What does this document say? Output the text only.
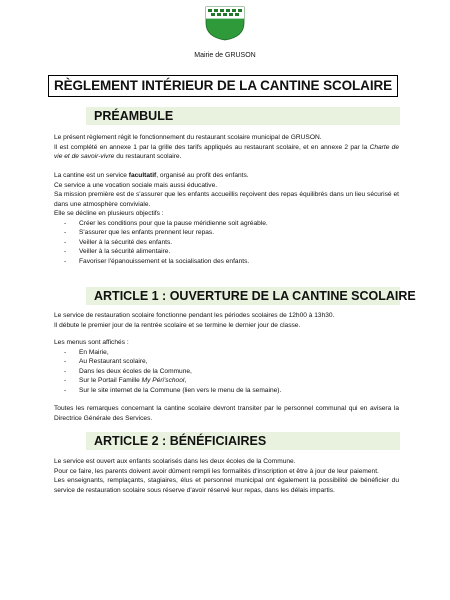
Mairie de GRUSON
RÈGLEMENT INTÉRIEUR DE LA CANTINE SCOLAIRE
PRÉAMBULE

Le présent règlement régit le fonctionnement du restaurant scolaire municipal de GRUSON.

Il est complété en annexe 1 par la grille des tarifs appliqués au restaurant scolaire, et en annexe 2 par la Charte de vie et de savoir-vivre du restaurant scolaire.

La cantine est un service facultatif, organisé au profit des enfants.

Ce service a une vocation sociale mais aussi éducative.

Sa mission première est de s'assurer que les enfants accueillis reçoivent des repas équilibrés dans un lieu sécurisé et dans une atmosphère conviviale.

Elle se décline en plusieurs objectifs :

- Créer les conditions pour que la pause méridienne soit agréable.
- S'assurer que les enfants prennent leur repas.
- Veiller à la sécurité des enfants.
- Veiller à la sécurité alimentaire.
- Favoriser l'épanouissement et la socialisation des enfants.
ARTICLE 1 : OUVERTURE DE LA CANTINE SCOLAIRE

Le service de restauration scolaire fonctionne pendant les périodes scolaires de 12h00 à 13h30.

Il débute le premier jour de la rentrée scolaire et se termine le dernier jour de classe.

Les menus sont affichés :

- En Mairie,
- Au Restaurant scolaire,
- Dans les deux écoles de la Commune,
- Sur le Portail Famille My Péri'school,
- Sur le site internet de la Commune (lien vers le menu de la semaine).

Toutes les remarques concernant la cantine scolaire devront transiter par le personnel communal qui en avisera la Directrice Générale des Services.

ARTICLE 2 : BÉNÉFICIAIRES

Le service est ouvert aux enfants scolarisés dans les deux écoles de la Commune.

Pour ce faire, les parents doivent avoir dûment rempli les formalités d'inscription et être à jour de leur paiement.

Les enseignants, remplaçants, stagiaires, élus et personnel municipal ont également la possibilité de bénéficier du service de restauration scolaire sous réserve d'avoir réservé leur repas, dans les délais impartis.
